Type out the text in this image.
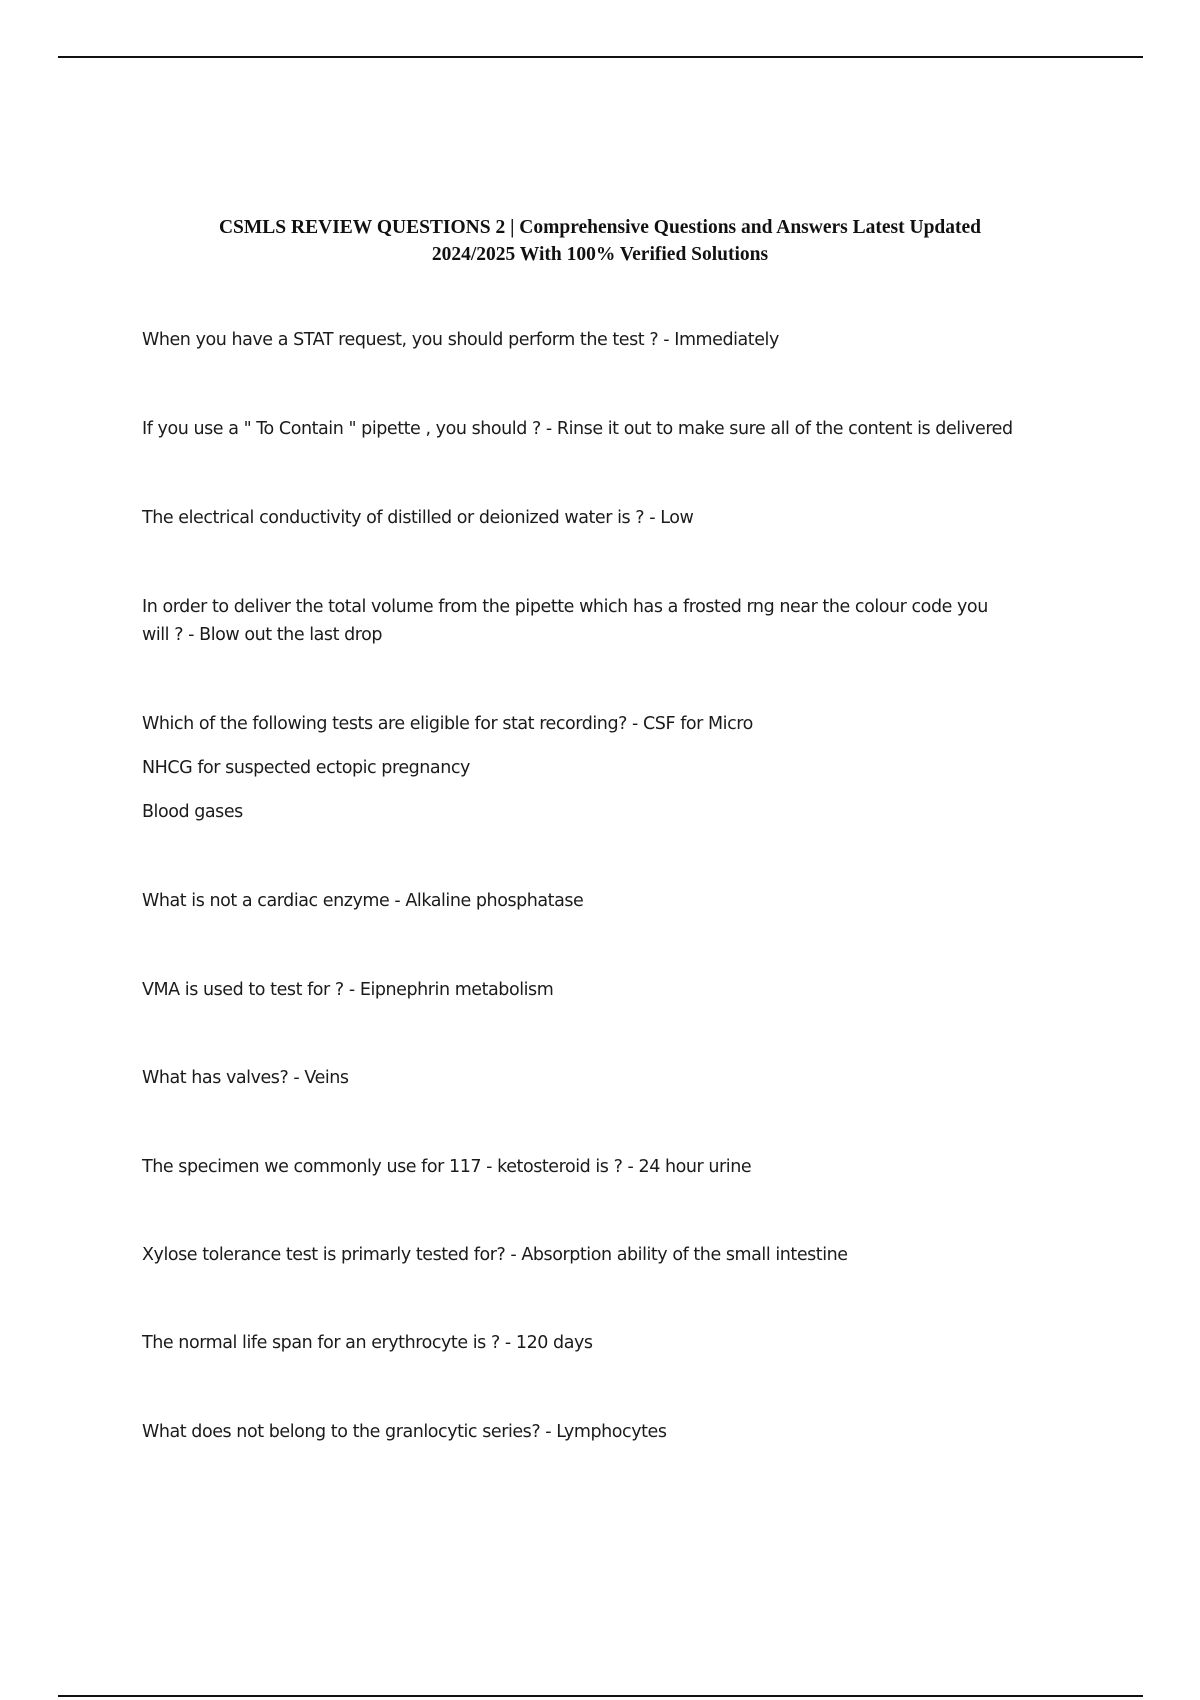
CSMLS REVIEW QUESTIONS 2 | Comprehensive Questions and Answers Latest Updated
2024/2025 With 100% Verified Solutions

When you have a STAT request, you should perform the test ? - Immediately

If you use a " To Contain " pipette , you should ? - Rinse it out to make sure all of the content is delivered

The electrical conductivity of distilled or deionized water is ? - Low

In order to deliver the total volume from the pipette which has a frosted rng near the colour code you
will ? - Blow out the last drop

Which of the following tests are eligible for stat recording? - CSF for Micro

NHCG for suspected ectopic pregnancy

Blood gases

What is not a cardiac enzyme - Alkaline phosphatase

VMA is used to test for ? - Eipnephrin metabolism

What has valves? - Veins

The specimen we commonly use for 117 - ketosteroid is ? - 24 hour urine

Xylose tolerance test is primarly tested for? - Absorption ability of the small intestine

The normal life span for an erythrocyte is ? - 120 days

What does not belong to the granlocytic series? - Lymphocytes
